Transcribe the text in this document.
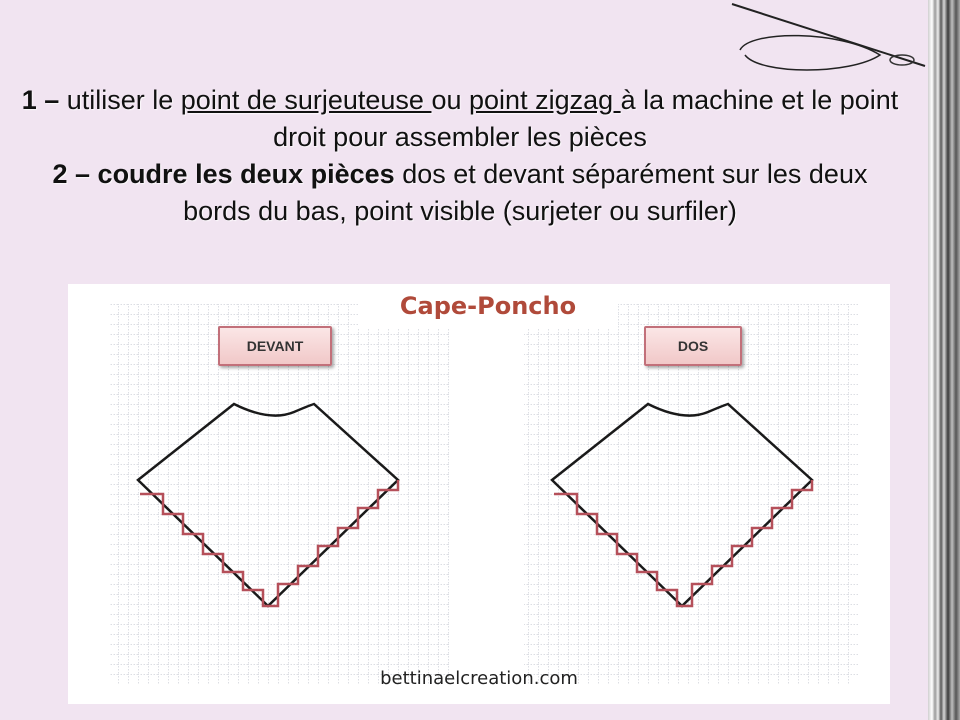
1 – utiliser le point de surjeuteuse ou point zigzag à la machine et le point droit pour assembler les pièces
2 – coudre les deux pièces dos et devant séparément sur les deux bords du bas, point visible (surjeter ou surfiler)
Cape-Poncho
DEVANT	DOS
bettinaelcreation.com
